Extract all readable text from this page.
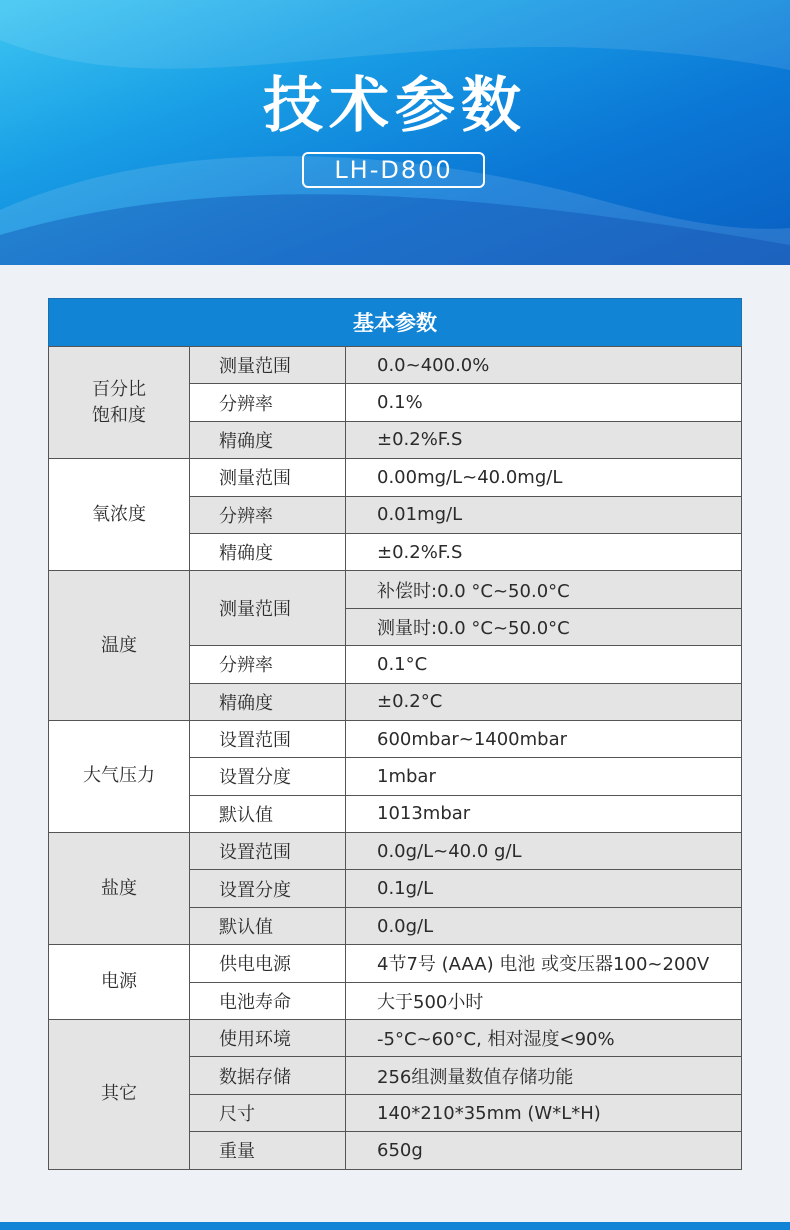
技术参数
LH-D800
基本参数
百分比
饱和度	测量范围	0.0~400.0%
	分辨率	0.1%
	精确度	±0.2%F.S
氧浓度	测量范围	0.00mg/L~40.0mg/L
	分辨率	0.01mg/L
	精确度	±0.2%F.S
温度	测量范围	补偿时:0.0 °C~50.0°C
		测量时:0.0 °C~50.0°C
	分辨率	0.1°C
	精确度	±0.2°C
大气压力	设置范围	600mbar~1400mbar
	设置分度	1mbar
	默认值	1013mbar
盐度	设置范围	0.0g/L~40.0 g/L
	设置分度	0.1g/L
	默认值	0.0g/L
电源	供电电源	4节7号 (AAA) 电池 或变压器100~200V
	电池寿命	大于500小时
其它	使用环境	-5°C~60°C, 相对湿度<90%
	数据存储	256组测量数值存储功能
	尺寸	140*210*35mm (W*L*H)
	重量	650g
